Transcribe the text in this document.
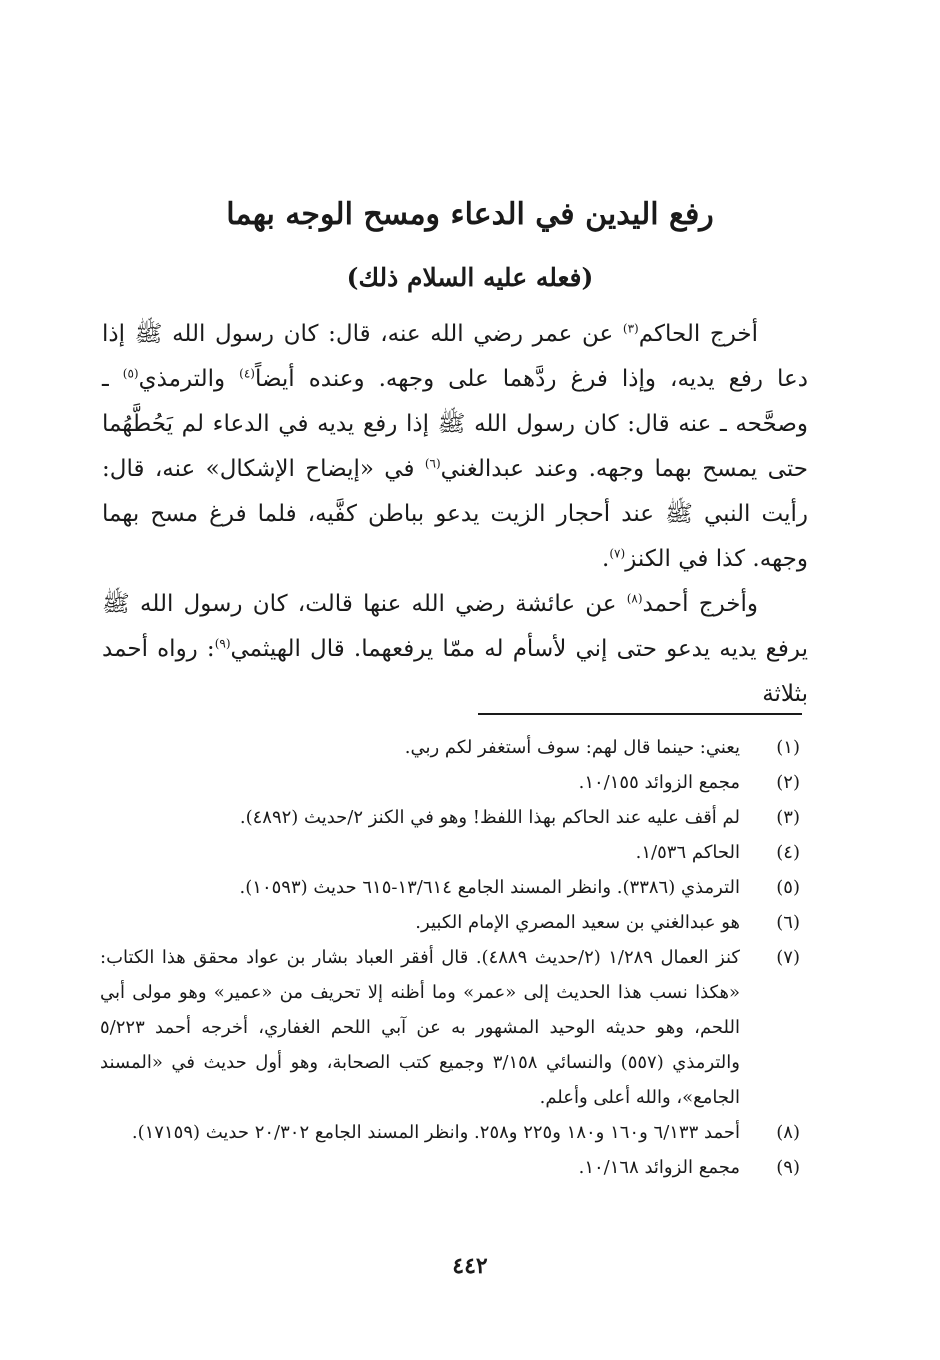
رفع اليدين في الدعاء ومسح الوجه بهما
(فعله عليه السلام ذلك)

أخرج الحاكم$^{(٣)}$ عن عمر رضي الله عنه، قال: كان رسول الله ﷺ إذا دعا رفع يديه، وإذا فرغ ردَّهما على وجهه. وعنده أيضاً$^{(٤)}$ والترمذي$^{(٥)}$ ـ وصحَّحه ـ عنه قال: كان رسول الله ﷺ إذا رفع يديه في الدعاء لم يَحُطَّهُما حتى يمسح بهما وجهه. وعند عبدالغني$^{(٦)}$ في «إيضاح الإشكال» عنه، قال: رأيت النبي ﷺ عند أحجار الزيت يدعو بباطن كفَّيه، فلما فرغ مسح بهما وجهه. كذا في الكنز$^{(٧)}$.

وأخرج أحمد$^{(٨)}$ عن عائشة رضي الله عنها قالت، كان رسول الله ﷺ يرفع يديه يدعو حتى إني لأسأم له ممّا يرفعهما. قال الهيثمي$^{(٩)}$: رواه أحمد بثلاثة

(١)
يعني: حينما قال لهم: سوف أستغفر لكم ربي.
(٢)
مجمع الزوائد ١٠/١٥٥.
(٣)
لم أقف عليه عند الحاكم بهذا اللفظ! وهو في الكنز ٢/حديث (٤٨٩٢).
(٤)
الحاكم ١/٥٣٦.
(٥)
الترمذي (٣٣٨٦). وانظر المسند الجامع ١٣/٦١٤-٦١٥ حديث (١٠٥٩٣).
(٦)
هو عبدالغني بن سعيد المصري الإمام الكبير.
(٧)
كنز العمال ١/٢٨٩ (٢/حديث ٤٨٨٩). قال أفقر العباد بشار بن عواد محقق هذا الكتاب: «هكذا نسب هذا الحديث إلى «عمر» وما أظنه إلا تحريف من «عمير» وهو مولى أبي اللحم، وهو حديثه الوحيد المشهور به عن آبي اللحم الغفاري، أخرجه أحمد ٥/٢٢٣ والترمذي (٥٥٧) والنسائي ٣/١٥٨ وجميع كتب الصحابة، وهو أول حديث في «المسند الجامع»، والله أعلى وأعلم.
(٨)
أحمد ٦/١٣٣ و١٦٠ و١٨٠ و٢٢٥ و٢٥٨. وانظر المسند الجامع ٢٠/٣٠٢ حديث (١٧١٥٩).
(٩)
مجمع الزوائد ١٠/١٦٨.
٤٤٢
